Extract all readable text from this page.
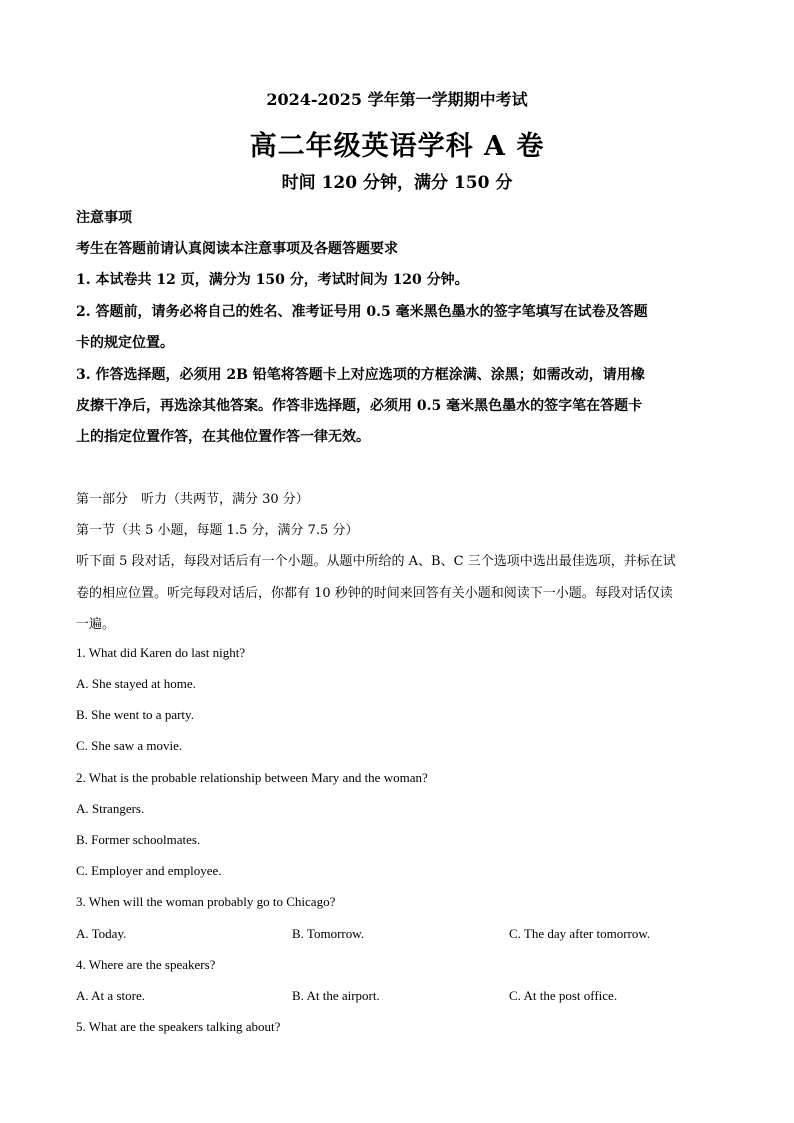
2024-2025 学年第一学期期中考试
高二年级英语学科 A 卷
时间 120 分钟，满分 150 分
注意事项
考生在答题前请认真阅读本注意事项及各题答题要求
1. 本试卷共 12 页，满分为 150 分，考试时间为 120 分钟。
2. 答题前，请务必将自己的姓名、准考证号用 0.5 毫米黑色墨水的签字笔填写在试卷及答题
卡的规定位置。
3. 作答选择题，必须用 2B 铅笔将答题卡上对应选项的方框涂满、涂黑；如需改动，请用橡
皮擦干净后，再选涂其他答案。作答非选择题，必须用 0.5 毫米黑色墨水的签字笔在答题卡
上的指定位置作答，在其他位置作答一律无效。
第一部分　听力（共两节，满分 30 分）
第一节（共 5 小题，每题 1.5 分，满分 7.5 分）
听下面 5 段对话，每段对话后有一个小题。从题中所给的 A、B、C 三个选项中选出最佳选项，并标在试
卷的相应位置。听完每段对话后，你都有 10 秒钟的时间来回答有关小题和阅读下一小题。每段对话仅读
一遍。
1. What did Karen do last night?
A. She stayed at home.
B. She went to a party.
C. She saw a movie.
2. What is the probable relationship between Mary and the woman?
A. Strangers.
B. Former schoolmates.
C. Employer and employee.
3. When will the woman probably go to Chicago?
A. Today.	B. Tomorrow.	C. The day after tomorrow.
4. Where are the speakers?
A. At a store.	B. At the airport.	C. At the post office.
5. What are the speakers talking about?
